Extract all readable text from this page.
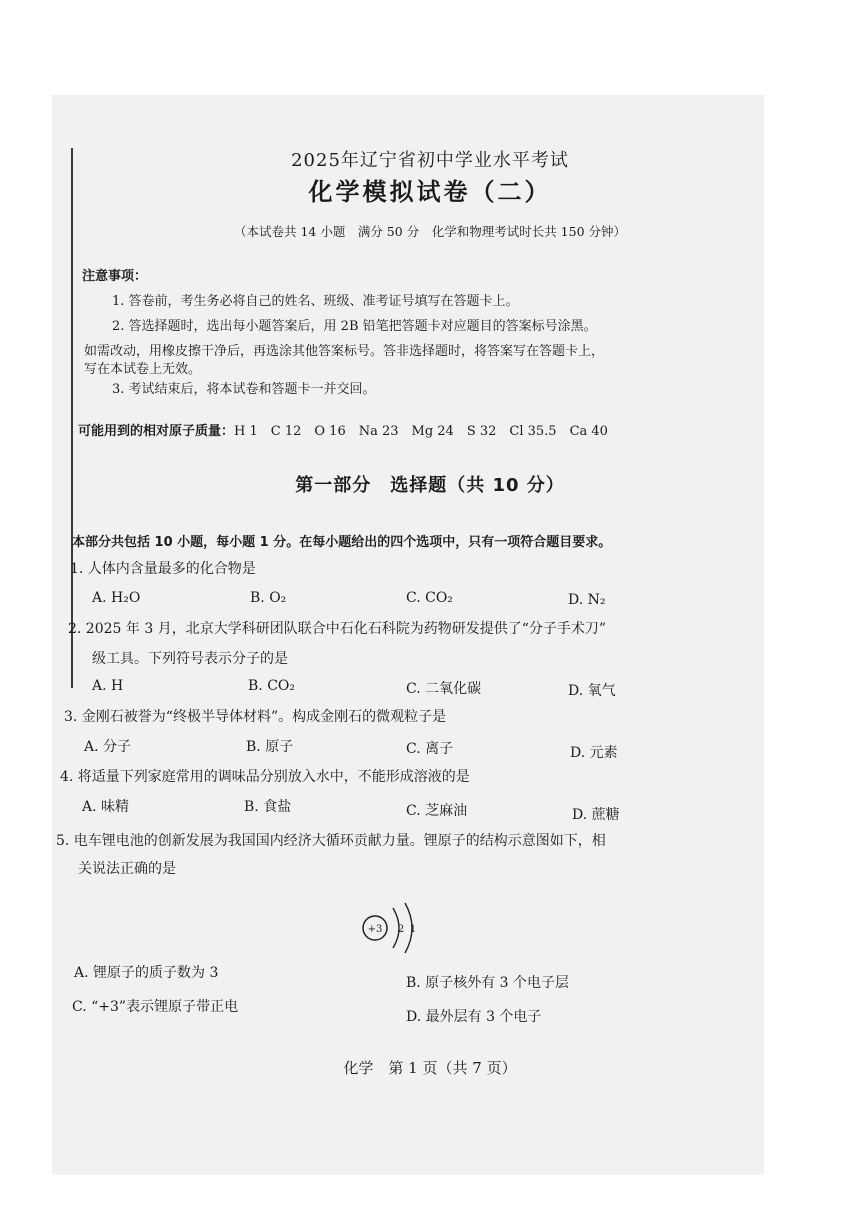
2025年辽宁省初中学业水平考试
化学模拟试卷（二）
（本试卷共 14 小题　满分 50 分　化学和物理考试时长共 150 分钟）
注意事项：
1. 答卷前，考生务必将自己的姓名、班级、准考证号填写在答题卡上。
2. 答选择题时，选出每小题答案后，用 2B 铅笔把答题卡对应题目的答案标号涂黑。
如需改动，用橡皮擦干净后，再选涂其他答案标号。答非选择题时，将答案写在答题卡上，
写在本试卷上无效。
3. 考试结束后，将本试卷和答题卡一并交回。
可能用到的相对原子质量：H 1　C 12　O 16　Na 23　Mg 24　S 32　Cl 35.5　Ca 40
第一部分　选择题（共 10 分）
本部分共包括 10 小题，每小题 1 分。在每小题给出的四个选项中，只有一项符合题目要求。
1. 人体内含量最多的化合物是
A. H₂O	B. O₂	C. CO₂	D. N₂
2. 2025 年 3 月，北京大学科研团队联合中石化石科院为药物研发提供了“分子手术刀”
级工具。下列符号表示分子的是
A. H	B. CO₂	C. 二氧化碳	D. 氧气
3. 金刚石被誉为“终极半导体材料”。构成金刚石的微观粒子是
A. 分子	B. 原子	C. 离子	D. 元素
4. 将适量下列家庭常用的调味品分别放入水中，不能形成溶液的是
A. 味精	B. 食盐	C. 芝麻油	D. 蔗糖
5. 电车锂电池的创新发展为我国国内经济大循环贡献力量。锂原子的结构示意图如下，相
关说法正确的是
+3 2 1
A. 锂原子的质子数为 3
B. 原子核外有 3 个电子层
C. “+3”表示锂原子带正电
D. 最外层有 3 个电子
化学　第 1 页（共 7 页）
